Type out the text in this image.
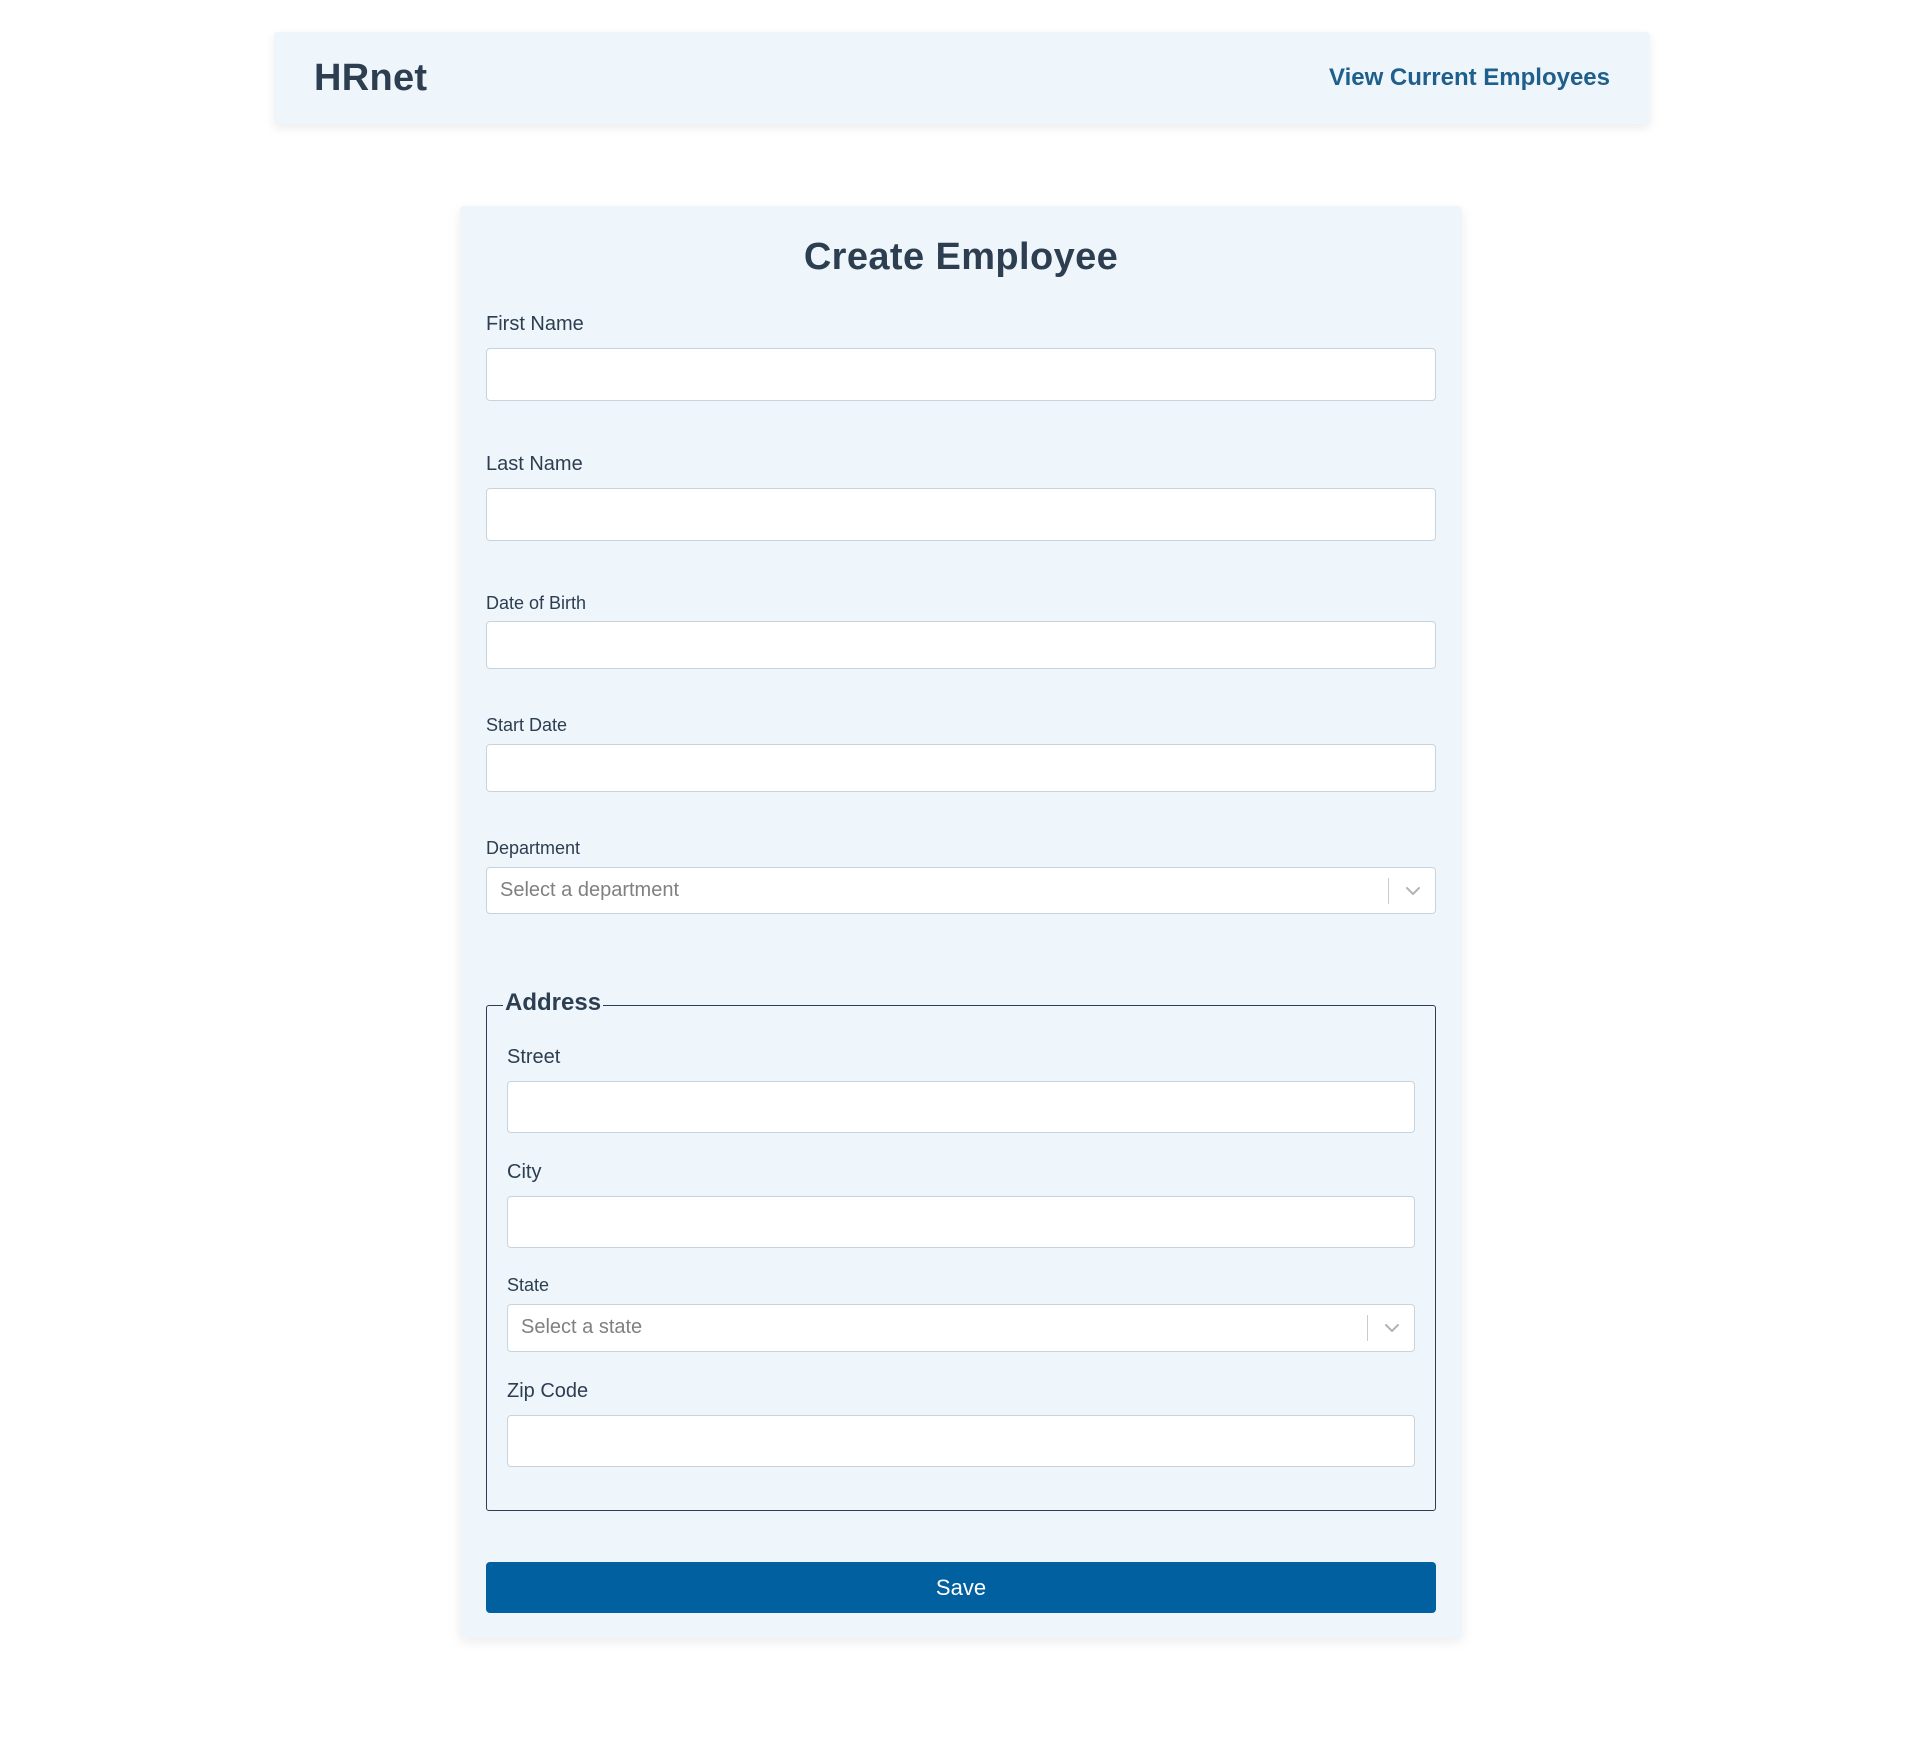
HRnet	View Current Employees
Create Employee
First Name
Last Name
Date of Birth
Start Date
Department
Select a department
Address
Street
City
State
Select a state
Zip Code
Save
